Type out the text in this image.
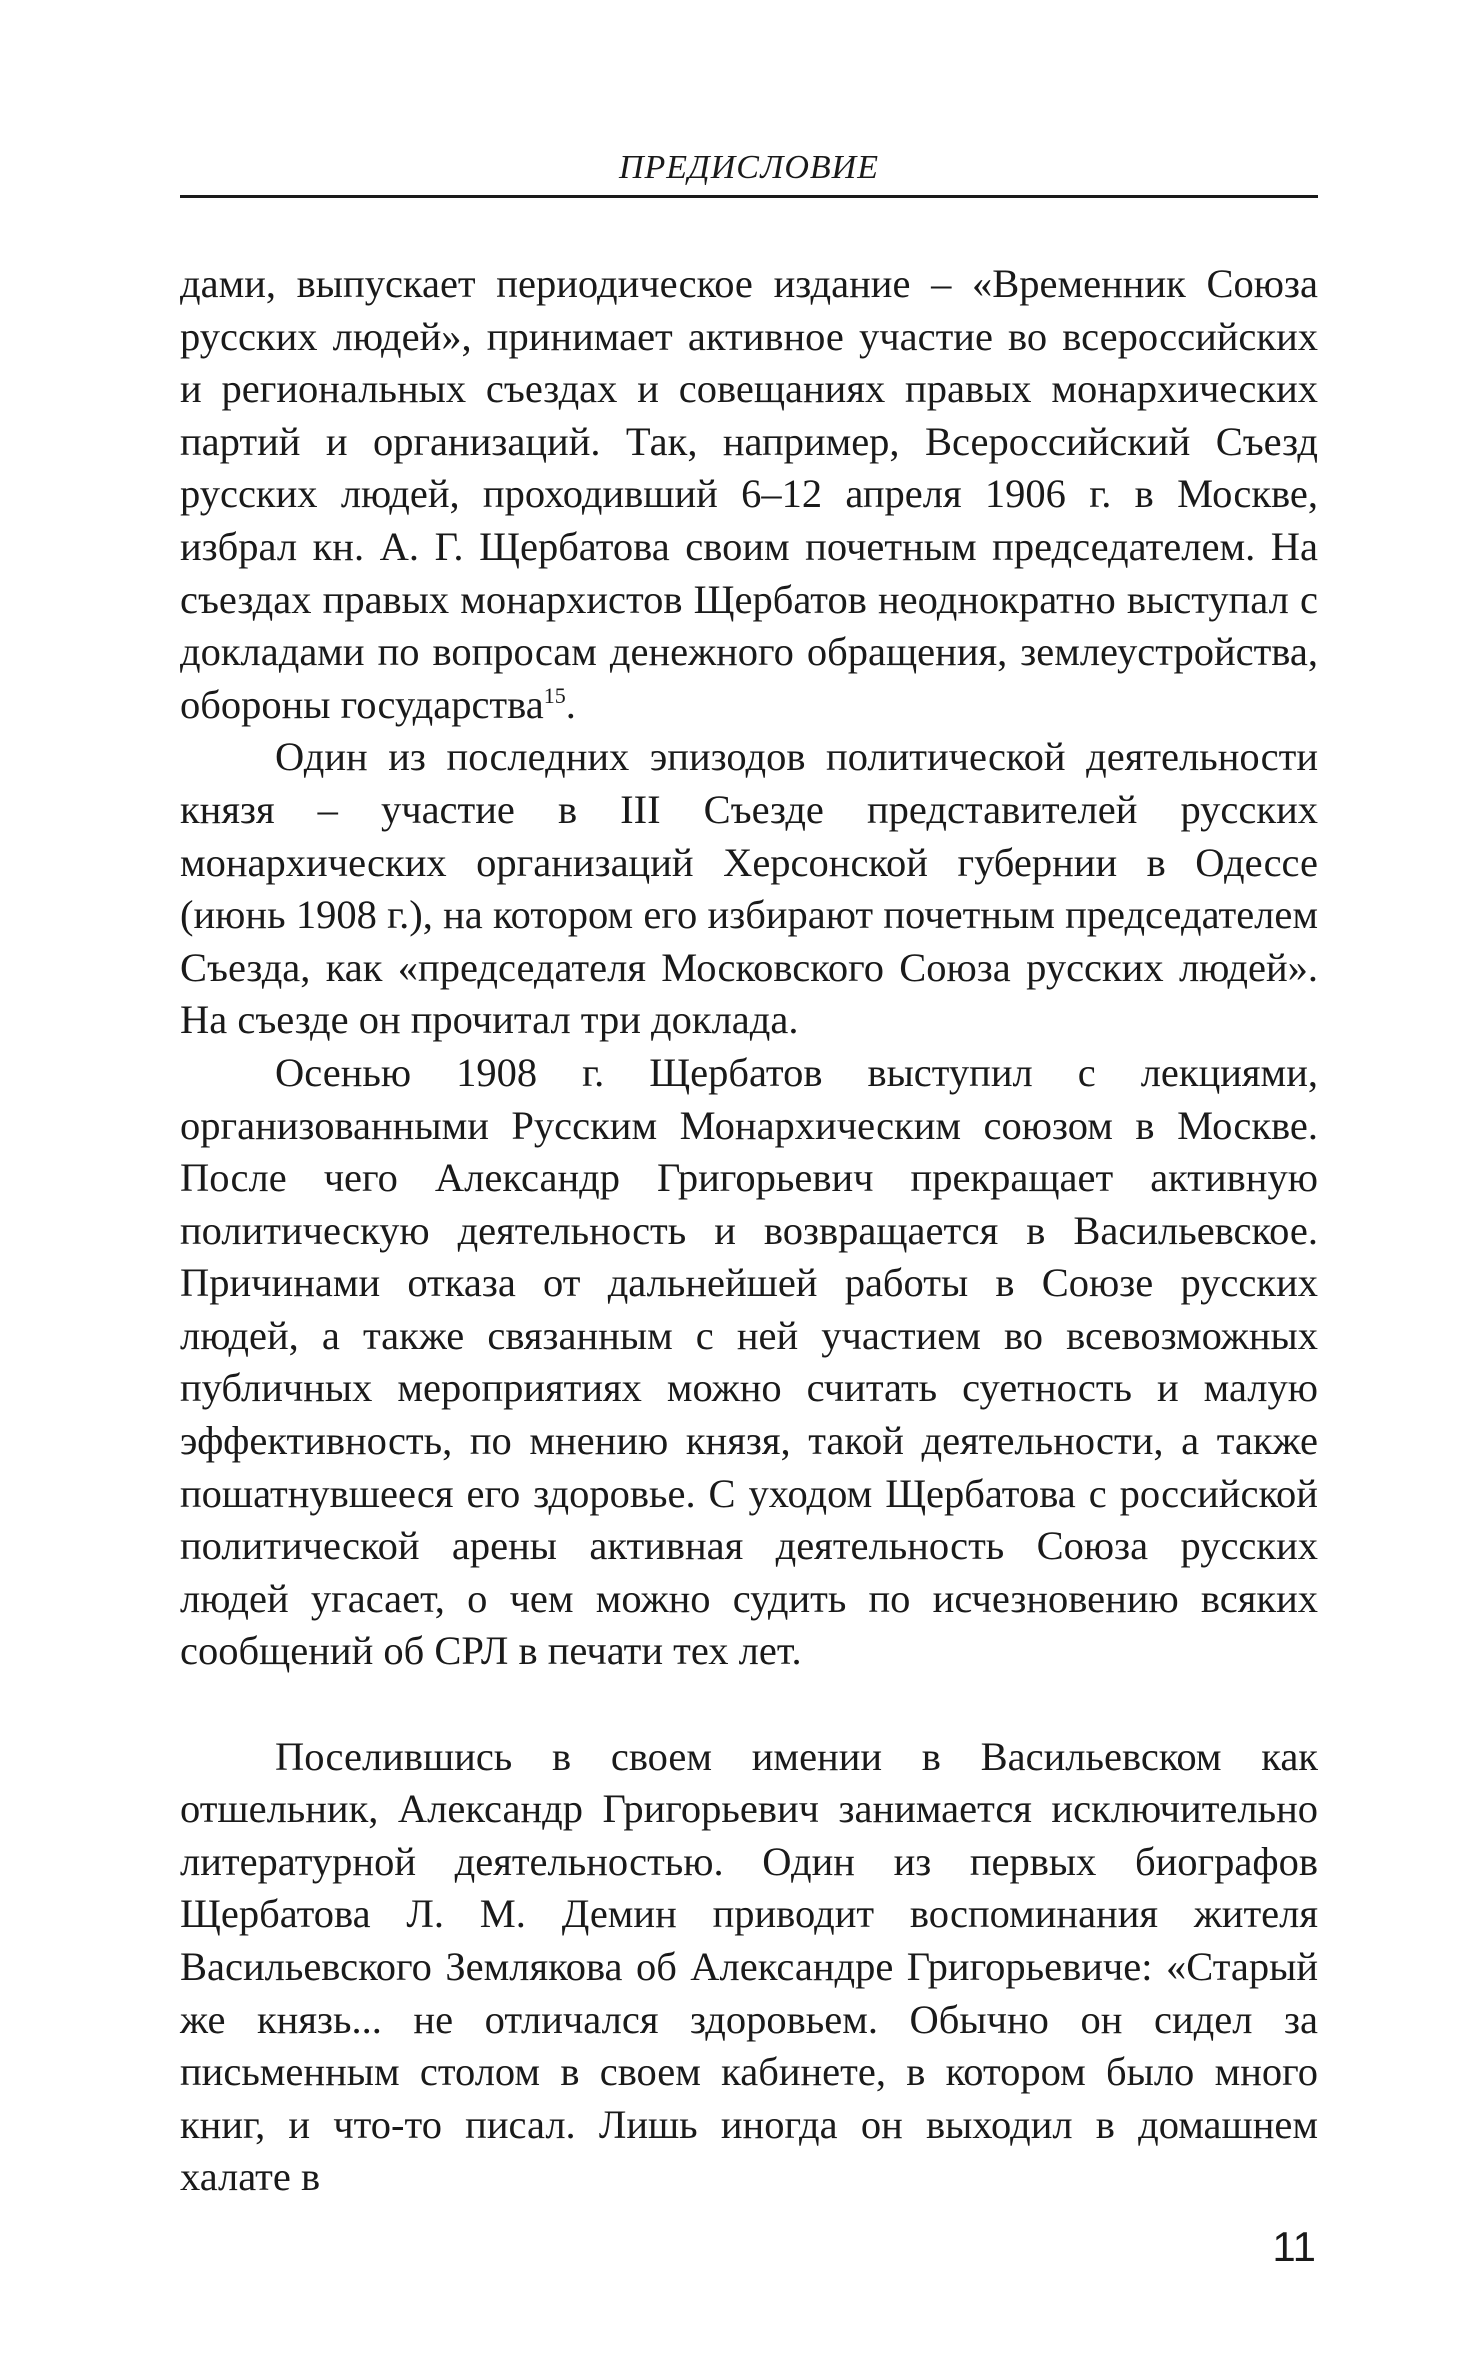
ПРЕДИСЛОВИЕ

дами, выпускает периодическое издание – «Временник Союза русских людей», принимает активное участие во всероссийских и региональных съездах и совещаниях правых монархических партий и организаций. Так, например, Всероссийский Съезд русских людей, проходивший 6–12 апреля 1906 г. в Москве, избрал кн. А. Г. Щербатова своим почетным председателем. На съездах правых монархистов Щербатов неоднократно выступал с докладами по вопросам денежного обращения, землеустройства, обороны государства$^{15}$.

Один из последних эпизодов политической деятельности князя – участие в III Съезде представителей русских монархических организаций Херсонской губернии в Одессе (июнь 1908 г.), на котором его избирают почетным председателем Съезда, как «председателя Московского Союза русских людей». На съезде он прочитал три доклада.

Осенью 1908 г. Щербатов выступил с лекциями, организованными Русским Монархическим союзом в Москве. После чего Александр Григорьевич прекращает активную политическую деятельность и возвращается в Васильевское. Причинами отказа от дальнейшей работы в Союзе русских людей, а также связанным с ней участием во всевозможных публичных мероприятиях можно считать суетность и малую эффективность, по мнению князя, такой деятельности, а также пошатнувшееся его здоровье. С уходом Щербатова с российской политической арены активная деятельность Союза русских людей угасает, о чем можно судить по исчезновению всяких сообщений об СРЛ в печати тех лет.

Поселившись в своем имении в Васильевском как отшельник, Александр Григорьевич занимается исключительно литературной деятельностью. Один из первых биографов Щербатова Л. М. Демин приводит воспоминания жителя Васильевского Землякова об Александре Григорьевиче: «Старый же князь... не отличался здоровьем. Обычно он сидел за письменным столом в своем кабинете, в котором было много книг, и что-то писал. Лишь иногда он выходил в домашнем халате в

11
